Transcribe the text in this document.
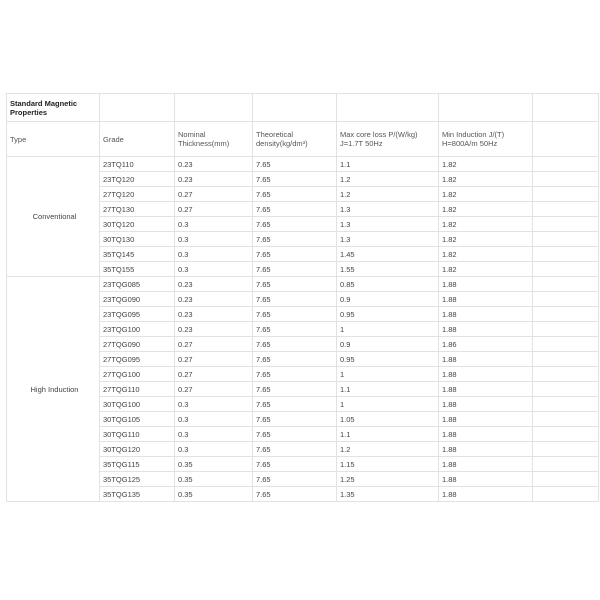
Standard Magnetic Properties						
Type	Grade	Nominal Thickness(mm)	Theoretical density(kg/dm³)	Max core loss P/(W/kg) J=1.7T 50Hz	Min Induction J/(T) H=800A/m 50Hz	
Conventional	23TQ110	0.23	7.65	1.1	1.82	
	23TQ120	0.23	7.65	1.2	1.82	
	27TQ120	0.27	7.65	1.2	1.82	
	27TQ130	0.27	7.65	1.3	1.82	
	30TQ120	0.3	7.65	1.3	1.82	
	30TQ130	0.3	7.65	1.3	1.82	
	35TQ145	0.3	7.65	1.45	1.82	
	35TQ155	0.3	7.65	1.55	1.82	
High Induction	23TQG085	0.23	7.65	0.85	1.88	
	23TQG090	0.23	7.65	0.9	1.88	
	23TQG095	0.23	7.65	0.95	1.88	
	23TQG100	0.23	7.65	1	1.88	
	27TQG090	0.27	7.65	0.9	1.86	
	27TQG095	0.27	7.65	0.95	1.88	
	27TQG100	0.27	7.65	1	1.88	
	27TQG110	0.27	7.65	1.1	1.88	
	30TQG100	0.3	7.65	1	1.88	
	30TQG105	0.3	7.65	1.05	1.88	
	30TQG110	0.3	7.65	1.1	1.88	
	30TQG120	0.3	7.65	1.2	1.88	
	35TQG115	0.35	7.65	1.15	1.88	
	35TQG125	0.35	7.65	1.25	1.88	
	35TQG135	0.35	7.65	1.35	1.88	
